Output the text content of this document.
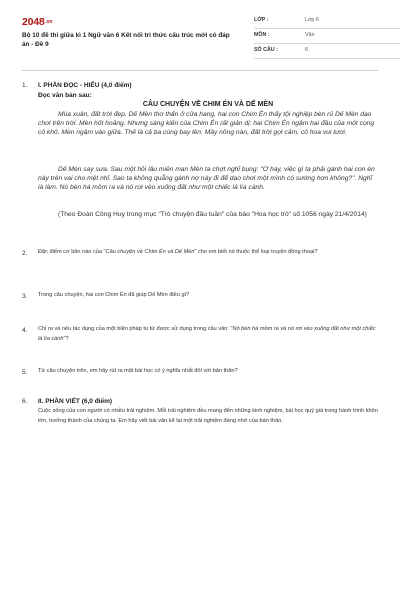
$2048^{.vn}$
Bộ 10 đề thi giữa kì 1 Ngữ văn 6 Kết nối tri thức cấu trúc mới có đáp án - Đề 9
LỚP :	Lớp 6
MÔN :	Văn
SỐ CÂU :	6
1. I. PHẦN ĐỌC - HIỂU (4,0 điểm)
Đọc văn bản sau:
CÂU CHUYỆN VỀ CHIM ÉN VÀ DẾ MÈN
Mùa xuân, đất trời đẹp. Dế Mèn thơ thẩn ở cửa hang, hai con Chim Én thấy tội nghiệp bèn rủ Dế Mèn dạo chơi trên trời. Mèn hốt hoảng. Nhưng sáng kiến của Chim Én rất giản dị: hai Chim Én ngậm hai đầu của một cọng cỏ khô. Mèn ngậm vào giữa. Thế là cả ba cùng bay lên. Mây nồng nàn, đất trời gợi cảm, cỏ hoa vui tươi.
Dế Mèn say sưa. Sau một hồi lâu miên man Mèn ta chợt nghĩ bụng: "Ơ hay, việc gì ta phải gánh hai con én này trên vai cho mệt nhỉ. Sao ta không quẳng gánh nợ này đi để dạo chơi một mình có sướng hơn không?". Nghĩ là làm. Nó bèn há mồm ra và nó rơi vèo xuống đất như một chiếc lá lìa cành.
(Theo Đoàn Công Huy trong mục "Trò chuyện đầu tuần" của báo "Hoa học trò" số 1056 ngày 21/4/2014)
2. Đặc điểm cơ bản nào của "Câu chuyện về Chim Én và Dế Mèn" cho em biết nó thuộc thể loại truyện đồng thoại?
3. Trong câu chuyện, hai con Chim Én đã giúp Dế Mèn điều gì?
4. Chỉ ra và nêu tác dụng của một biện pháp tu từ được sử dụng trong câu văn: "Nó bèn há mồm ra và nó rơi vèo xuống đất như một chiếc lá lìa cành"?
5. Từ câu chuyện trên, em hãy rút ra một bài học có ý nghĩa nhất đối với bản thân?
6. II. PHẦN VIẾT (6,0 điểm)
Cuộc sống của con người có nhiều trải nghiệm. Mỗi trải nghiệm đều mang đến những kinh nghiệm, bài học quý giá trong hành trình khôn lớn, trưởng thành của chúng ta. Em hãy viết bài văn kể lại một trải nghiệm đáng nhớ của bản thân.
